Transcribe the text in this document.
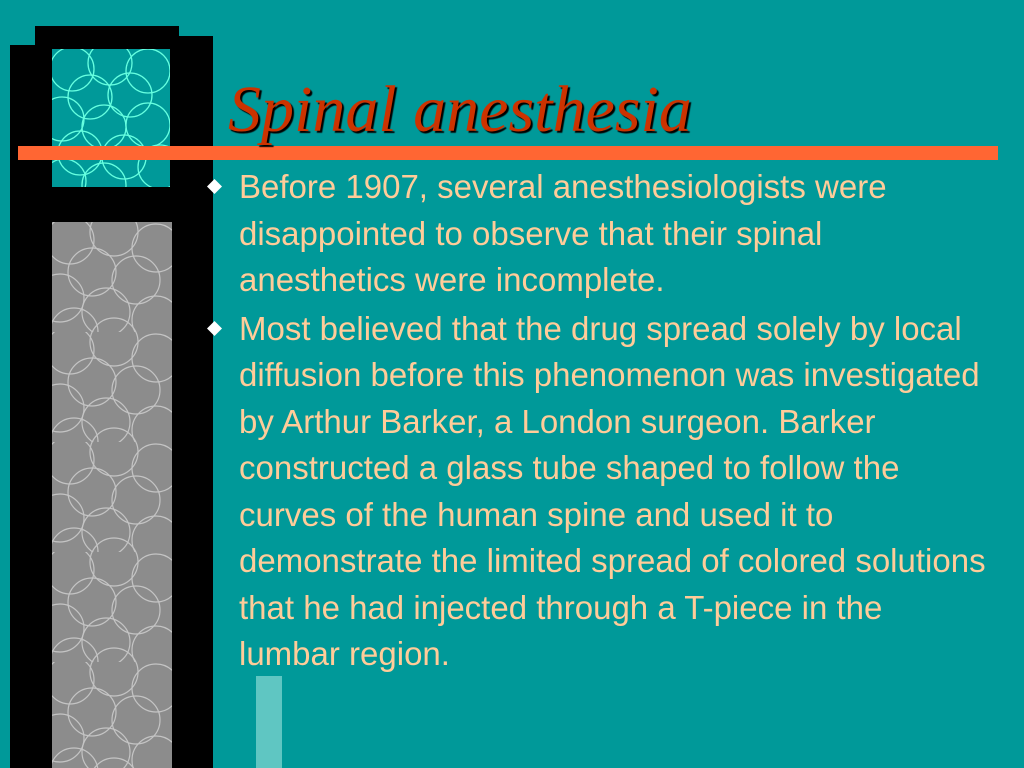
Spinal anesthesia
Before 1907, several anesthesiologists were disappointed to observe that their spinal anesthetics were incomplete.
Most believed that the drug spread solely by local diffusion before this phenomenon was investigated by Arthur Barker, a London surgeon. Barker constructed a glass tube shaped to follow the curves of the human spine and used it to demonstrate the limited spread of colored solutions that he had injected through a T-piece in the lumbar region.
